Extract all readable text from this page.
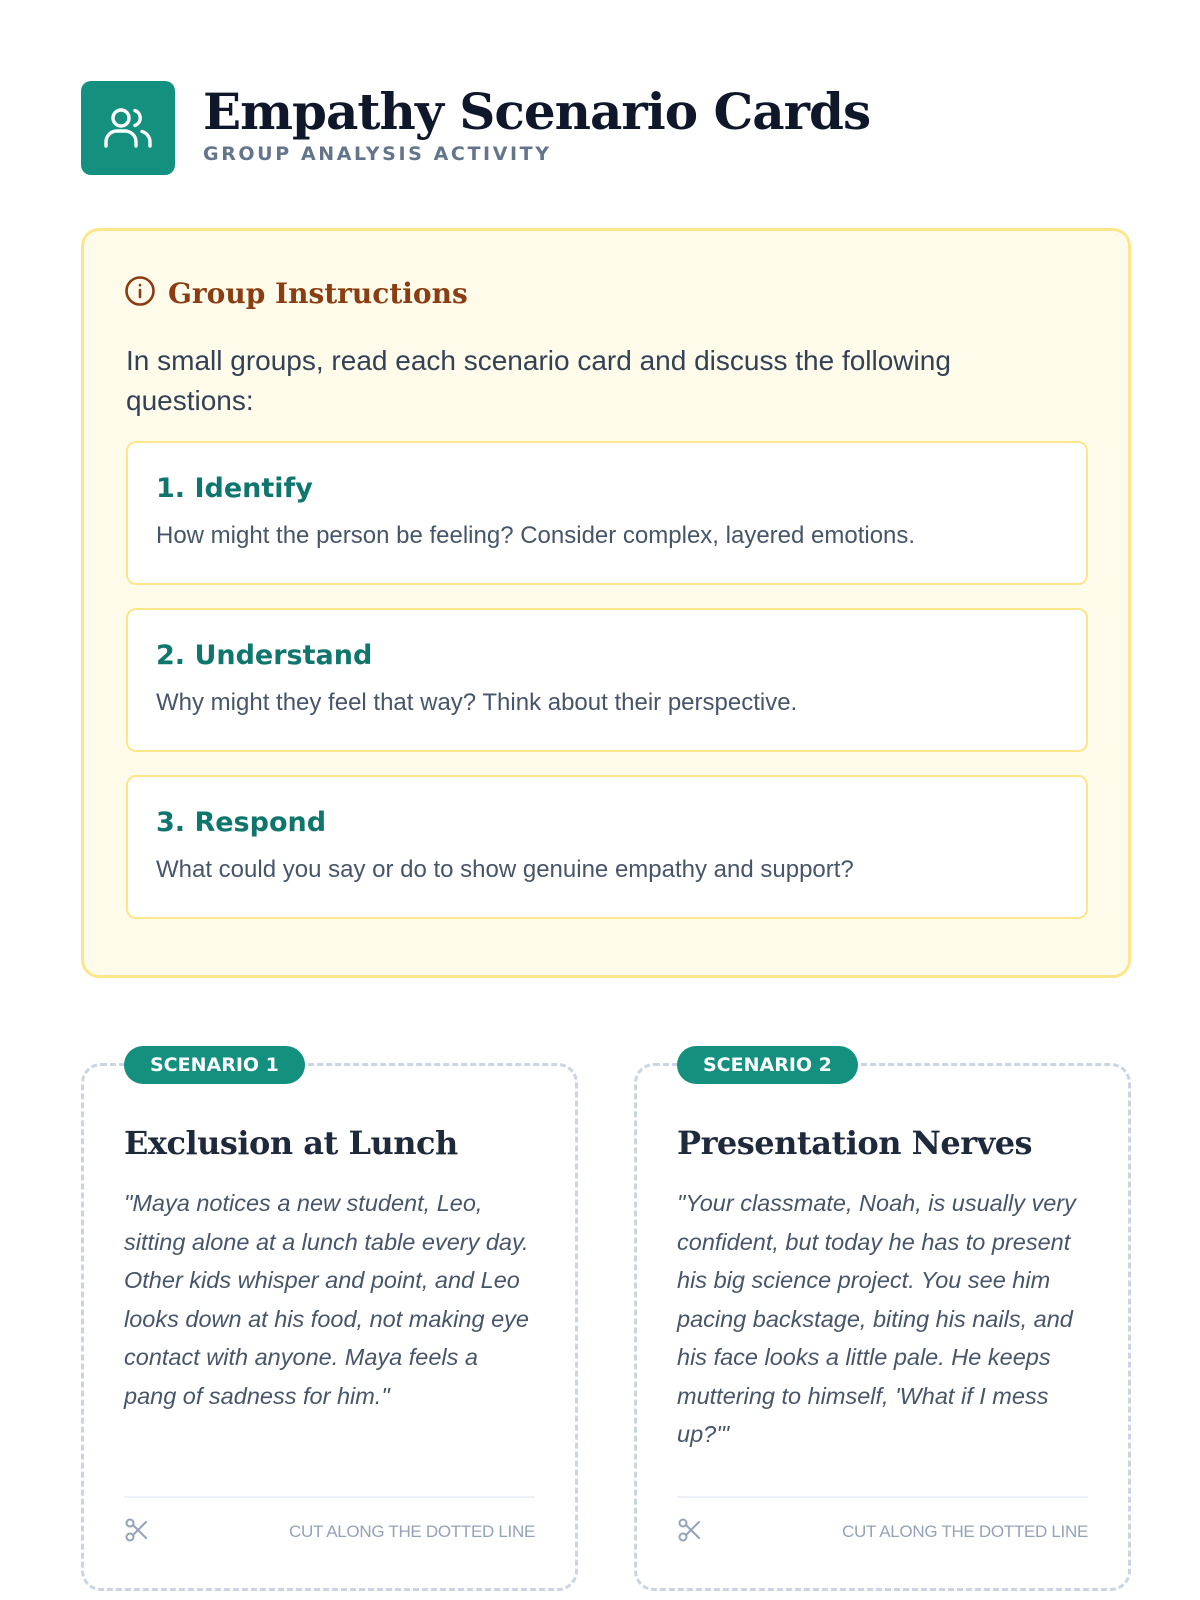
Empathy Scenario Cards
GROUP ANALYSIS ACTIVITY
Group Instructions
In small groups, read each scenario card and discuss the following questions:
1. Identify
How might the person be feeling? Consider complex, layered emotions.
2. Understand
Why might they feel that way? Think about their perspective.
3. Respond
What could you say or do to show genuine empathy and support?
SCENARIO 1
Exclusion at Lunch
"Maya notices a new student, Leo, sitting alone at a lunch table every day. Other kids whisper and point, and Leo looks down at his food, not making eye contact with anyone. Maya feels a pang of sadness for him."
CUT ALONG THE DOTTED LINE
SCENARIO 2
Presentation Nerves
"Your classmate, Noah, is usually very confident, but today he has to present his big science project. You see him pacing backstage, biting his nails, and his face looks a little pale. He keeps muttering to himself, 'What if I mess up?'"
CUT ALONG THE DOTTED LINE
